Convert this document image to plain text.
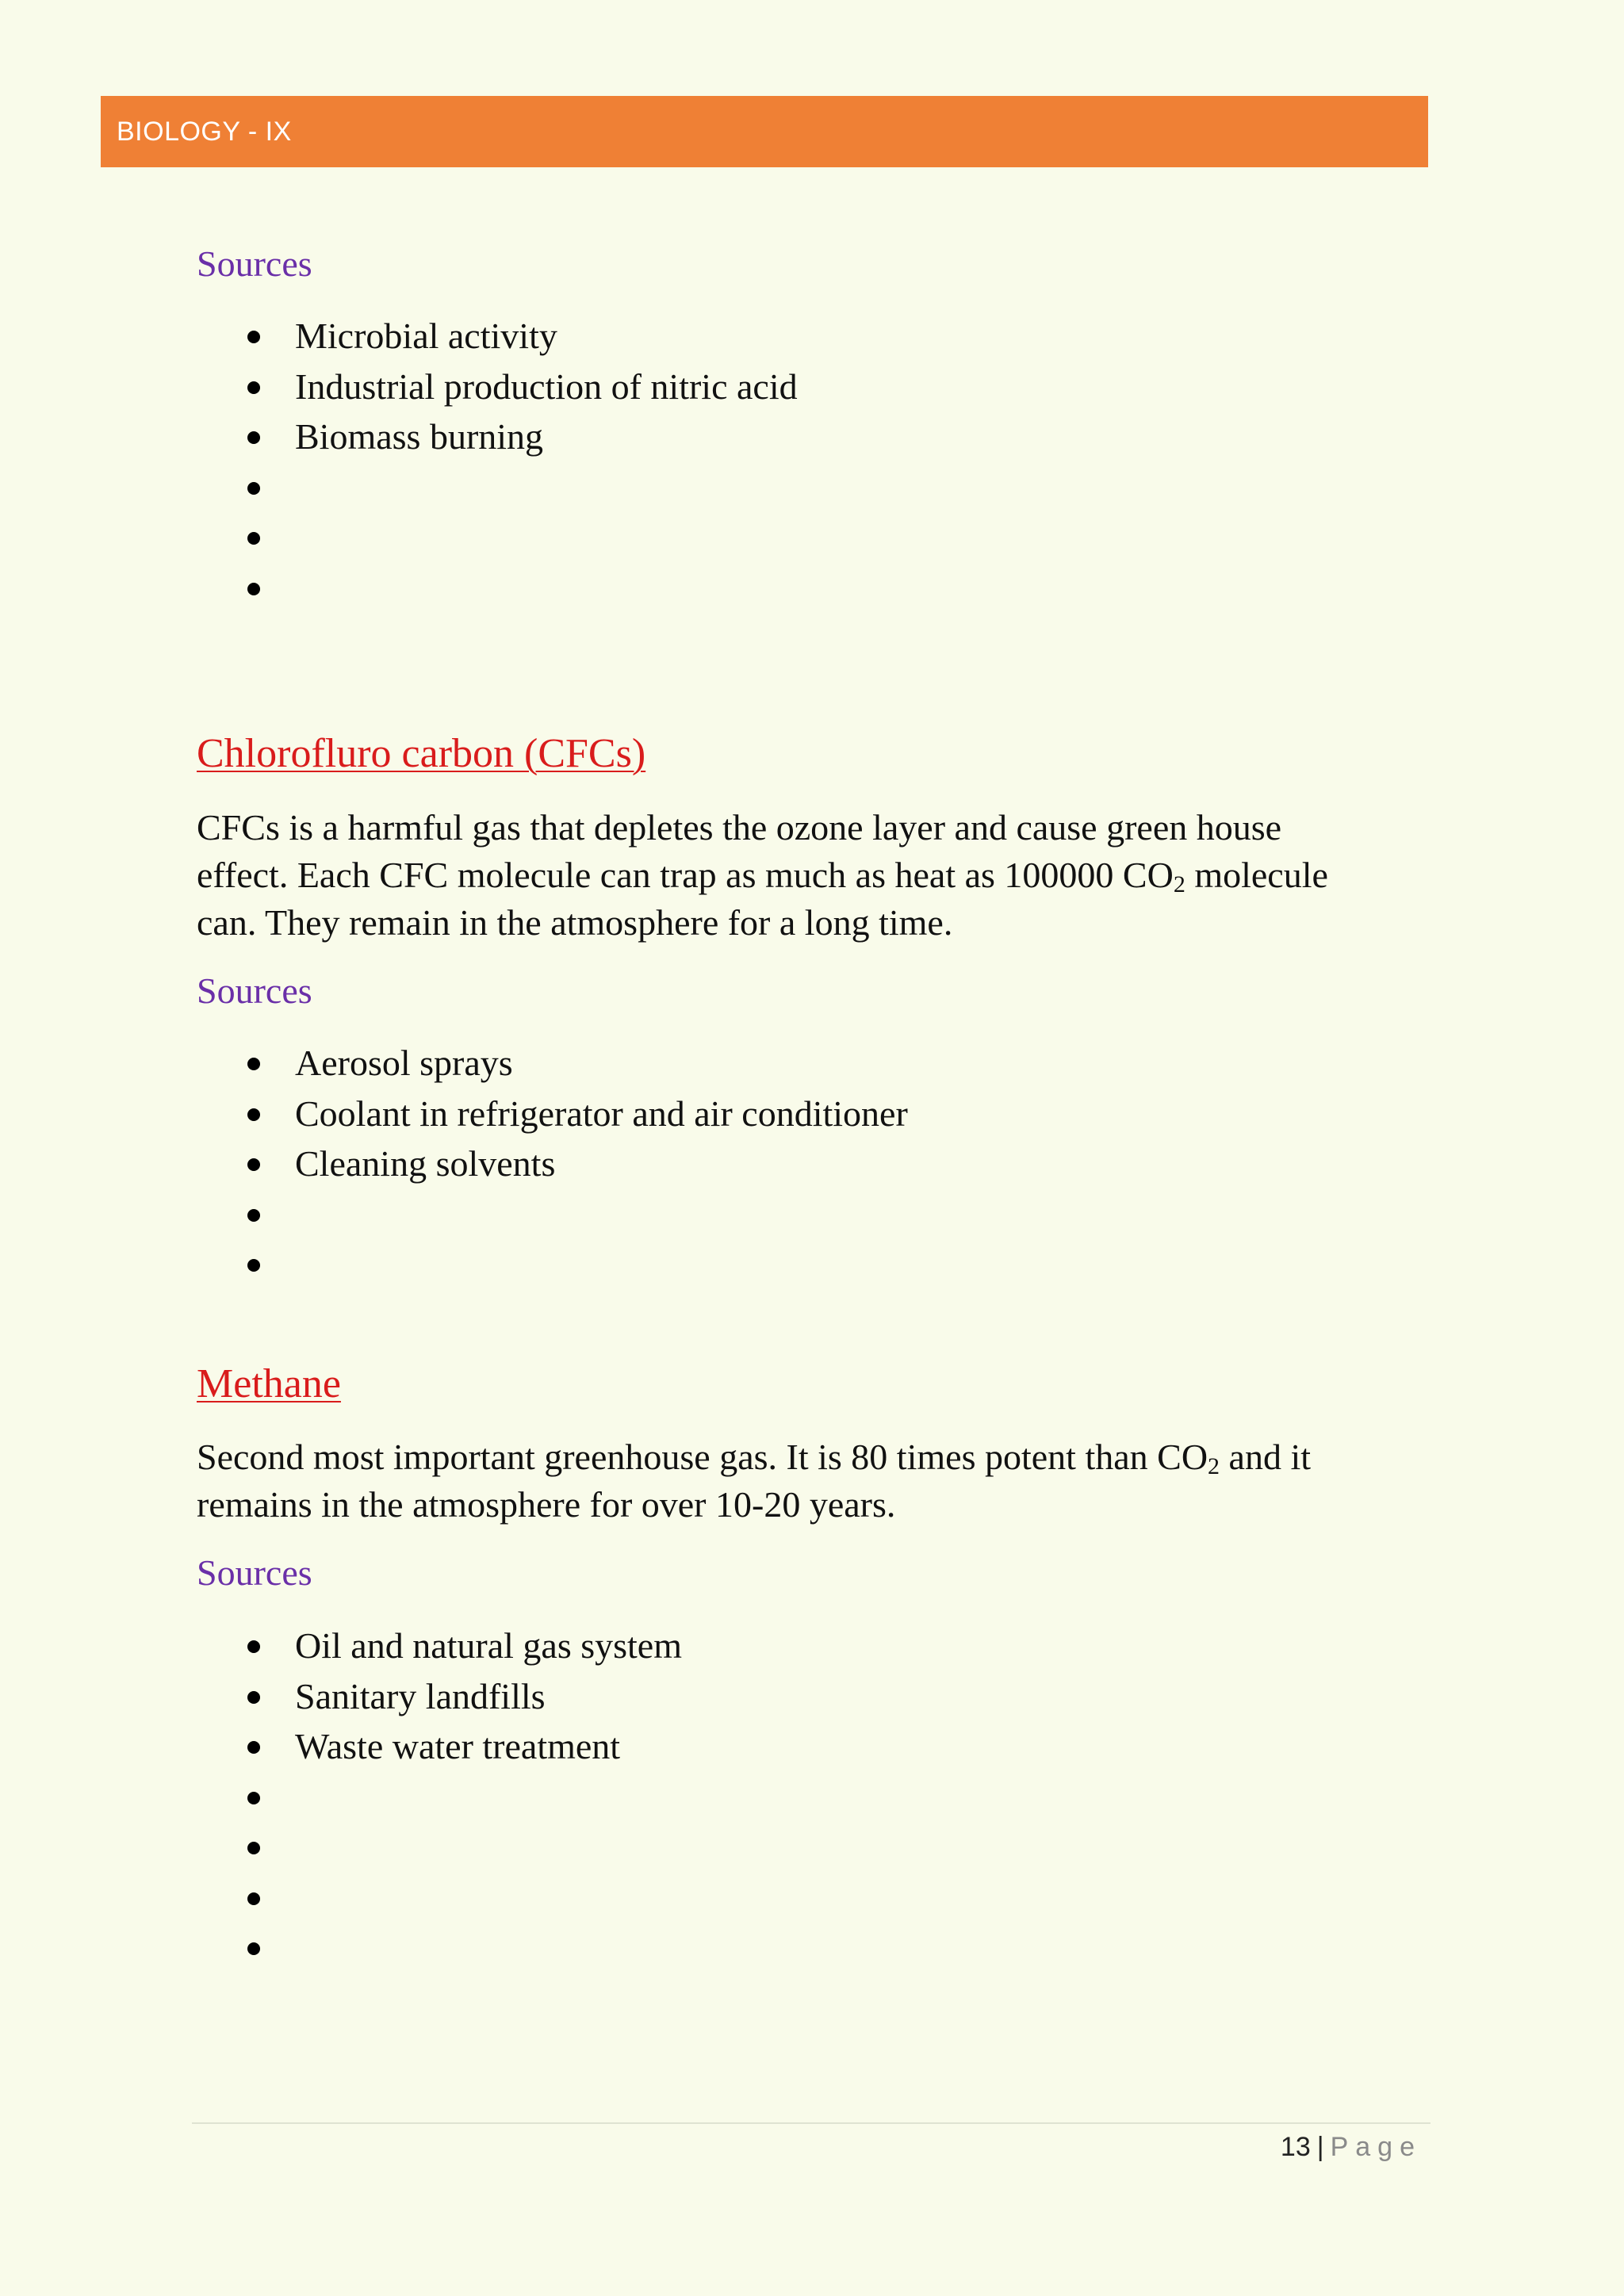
BIOLOGY - IX
Sources
Microbial activity
Industrial production of nitric acid
Biomass burning
Chlorofluro carbon (CFCs)
CFCs is a harmful gas that depletes the ozone layer and cause green house
effect. Each CFC molecule can trap as much as heat as 100000 $CO_2$ molecule
can. They remain in the atmosphere for a long time.
Sources
Aerosol sprays
Coolant in refrigerator and air conditioner
Cleaning solvents
Methane
Second most important greenhouse gas. It is 80 times potent than $CO_2$ and it
remains in the atmosphere for over 10-20 years.
Sources
Oil and natural gas system
Sanitary landfills
Waste water treatment
13 | Page
